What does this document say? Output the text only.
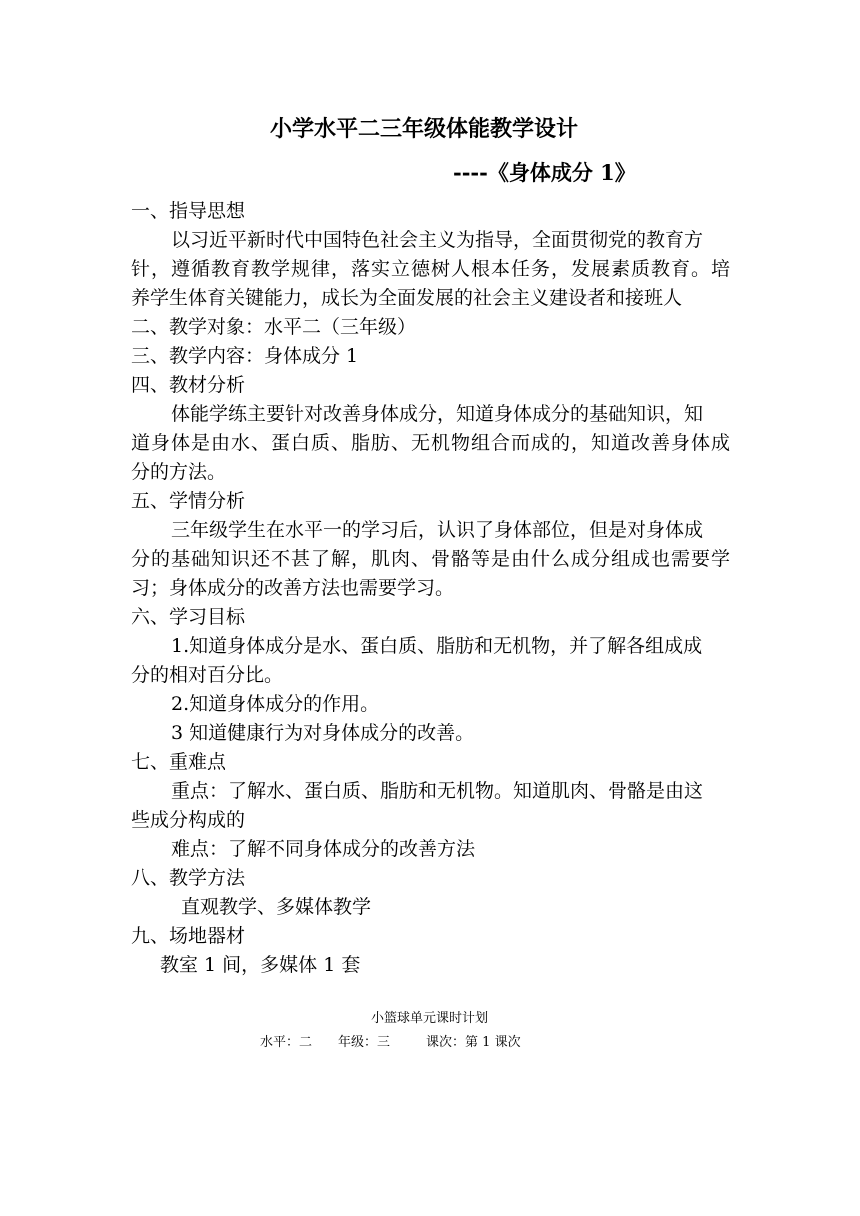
小学水平二三年级体能教学设计
----《身体成分 1》
一、指导思想
以习近平新时代中国特色社会主义为指导，全面贯彻党的教育方
针，遵循教育教学规律，落实立德树人根本任务，发展素质教育。培
养学生体育关键能力，成长为全面发展的社会主义建设者和接班人
二、教学对象：水平二（三年级）
三、教学内容：身体成分 1
四、教材分析
体能学练主要针对改善身体成分，知道身体成分的基础知识，知
道身体是由水、蛋白质、脂肪、无机物组合而成的，知道改善身体成
分的方法。
五、学情分析
三年级学生在水平一的学习后，认识了身体部位，但是对身体成
分的基础知识还不甚了解，肌肉、骨骼等是由什么成分组成也需要学
习；身体成分的改善方法也需要学习。
六、学习目标
1.知道身体成分是水、蛋白质、脂肪和无机物，并了解各组成成
分的相对百分比。
2.知道身体成分的作用。
3 知道健康行为对身体成分的改善。
七、重难点
重点：了解水、蛋白质、脂肪和无机物。知道肌肉、骨骼是由这
些成分构成的
难点：了解不同身体成分的改善方法
八、教学方法
直观教学、多媒体教学
九、场地器材
教室 1 间，多媒体 1 套
小篮球单元课时计划
水平：二 年级：三	课次：第 1 课次
